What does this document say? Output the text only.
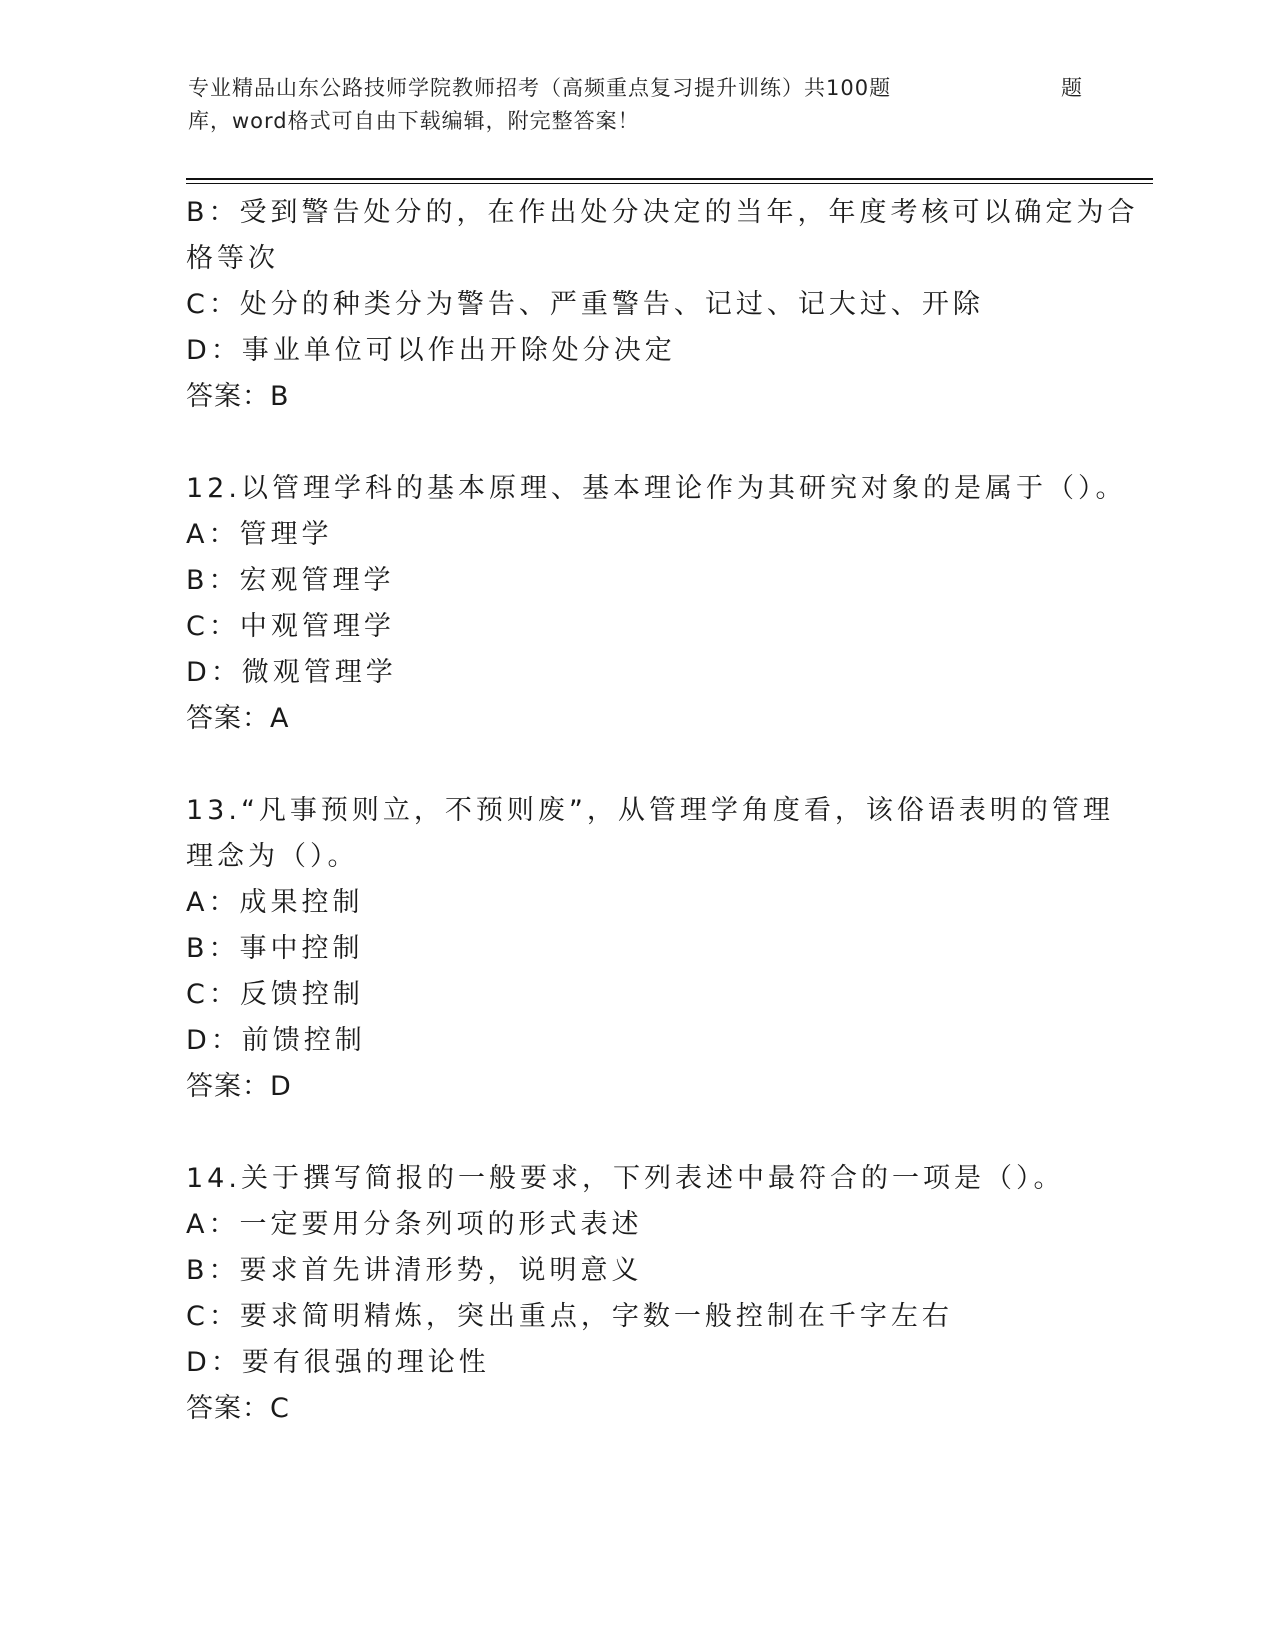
专业精品山东公路技师学院教师招考（高频重点复习提升训练）共100题	题
库，word格式可自由下载编辑，附完整答案！
B：受到警告处分的，在作出处分决定的当年，年度考核可以确定为合
格等次
C：处分的种类分为警告、严重警告、记过、记大过、开除
D：事业单位可以作出开除处分决定
答案：B
12.以管理学科的基本原理、基本理论作为其研究对象的是属于（）。
A：管理学
B：宏观管理学
C：中观管理学
D：微观管理学
答案：A
13.“凡事预则立，不预则废”，从管理学角度看，该俗语表明的管理
理念为（）。
A：成果控制
B：事中控制
C：反馈控制
D：前馈控制
答案：D
14.关于撰写简报的一般要求，下列表述中最符合的一项是（）。
A：一定要用分条列项的形式表述
B：要求首先讲清形势，说明意义
C：要求简明精炼，突出重点，字数一般控制在千字左右
D：要有很强的理论性
答案：C
